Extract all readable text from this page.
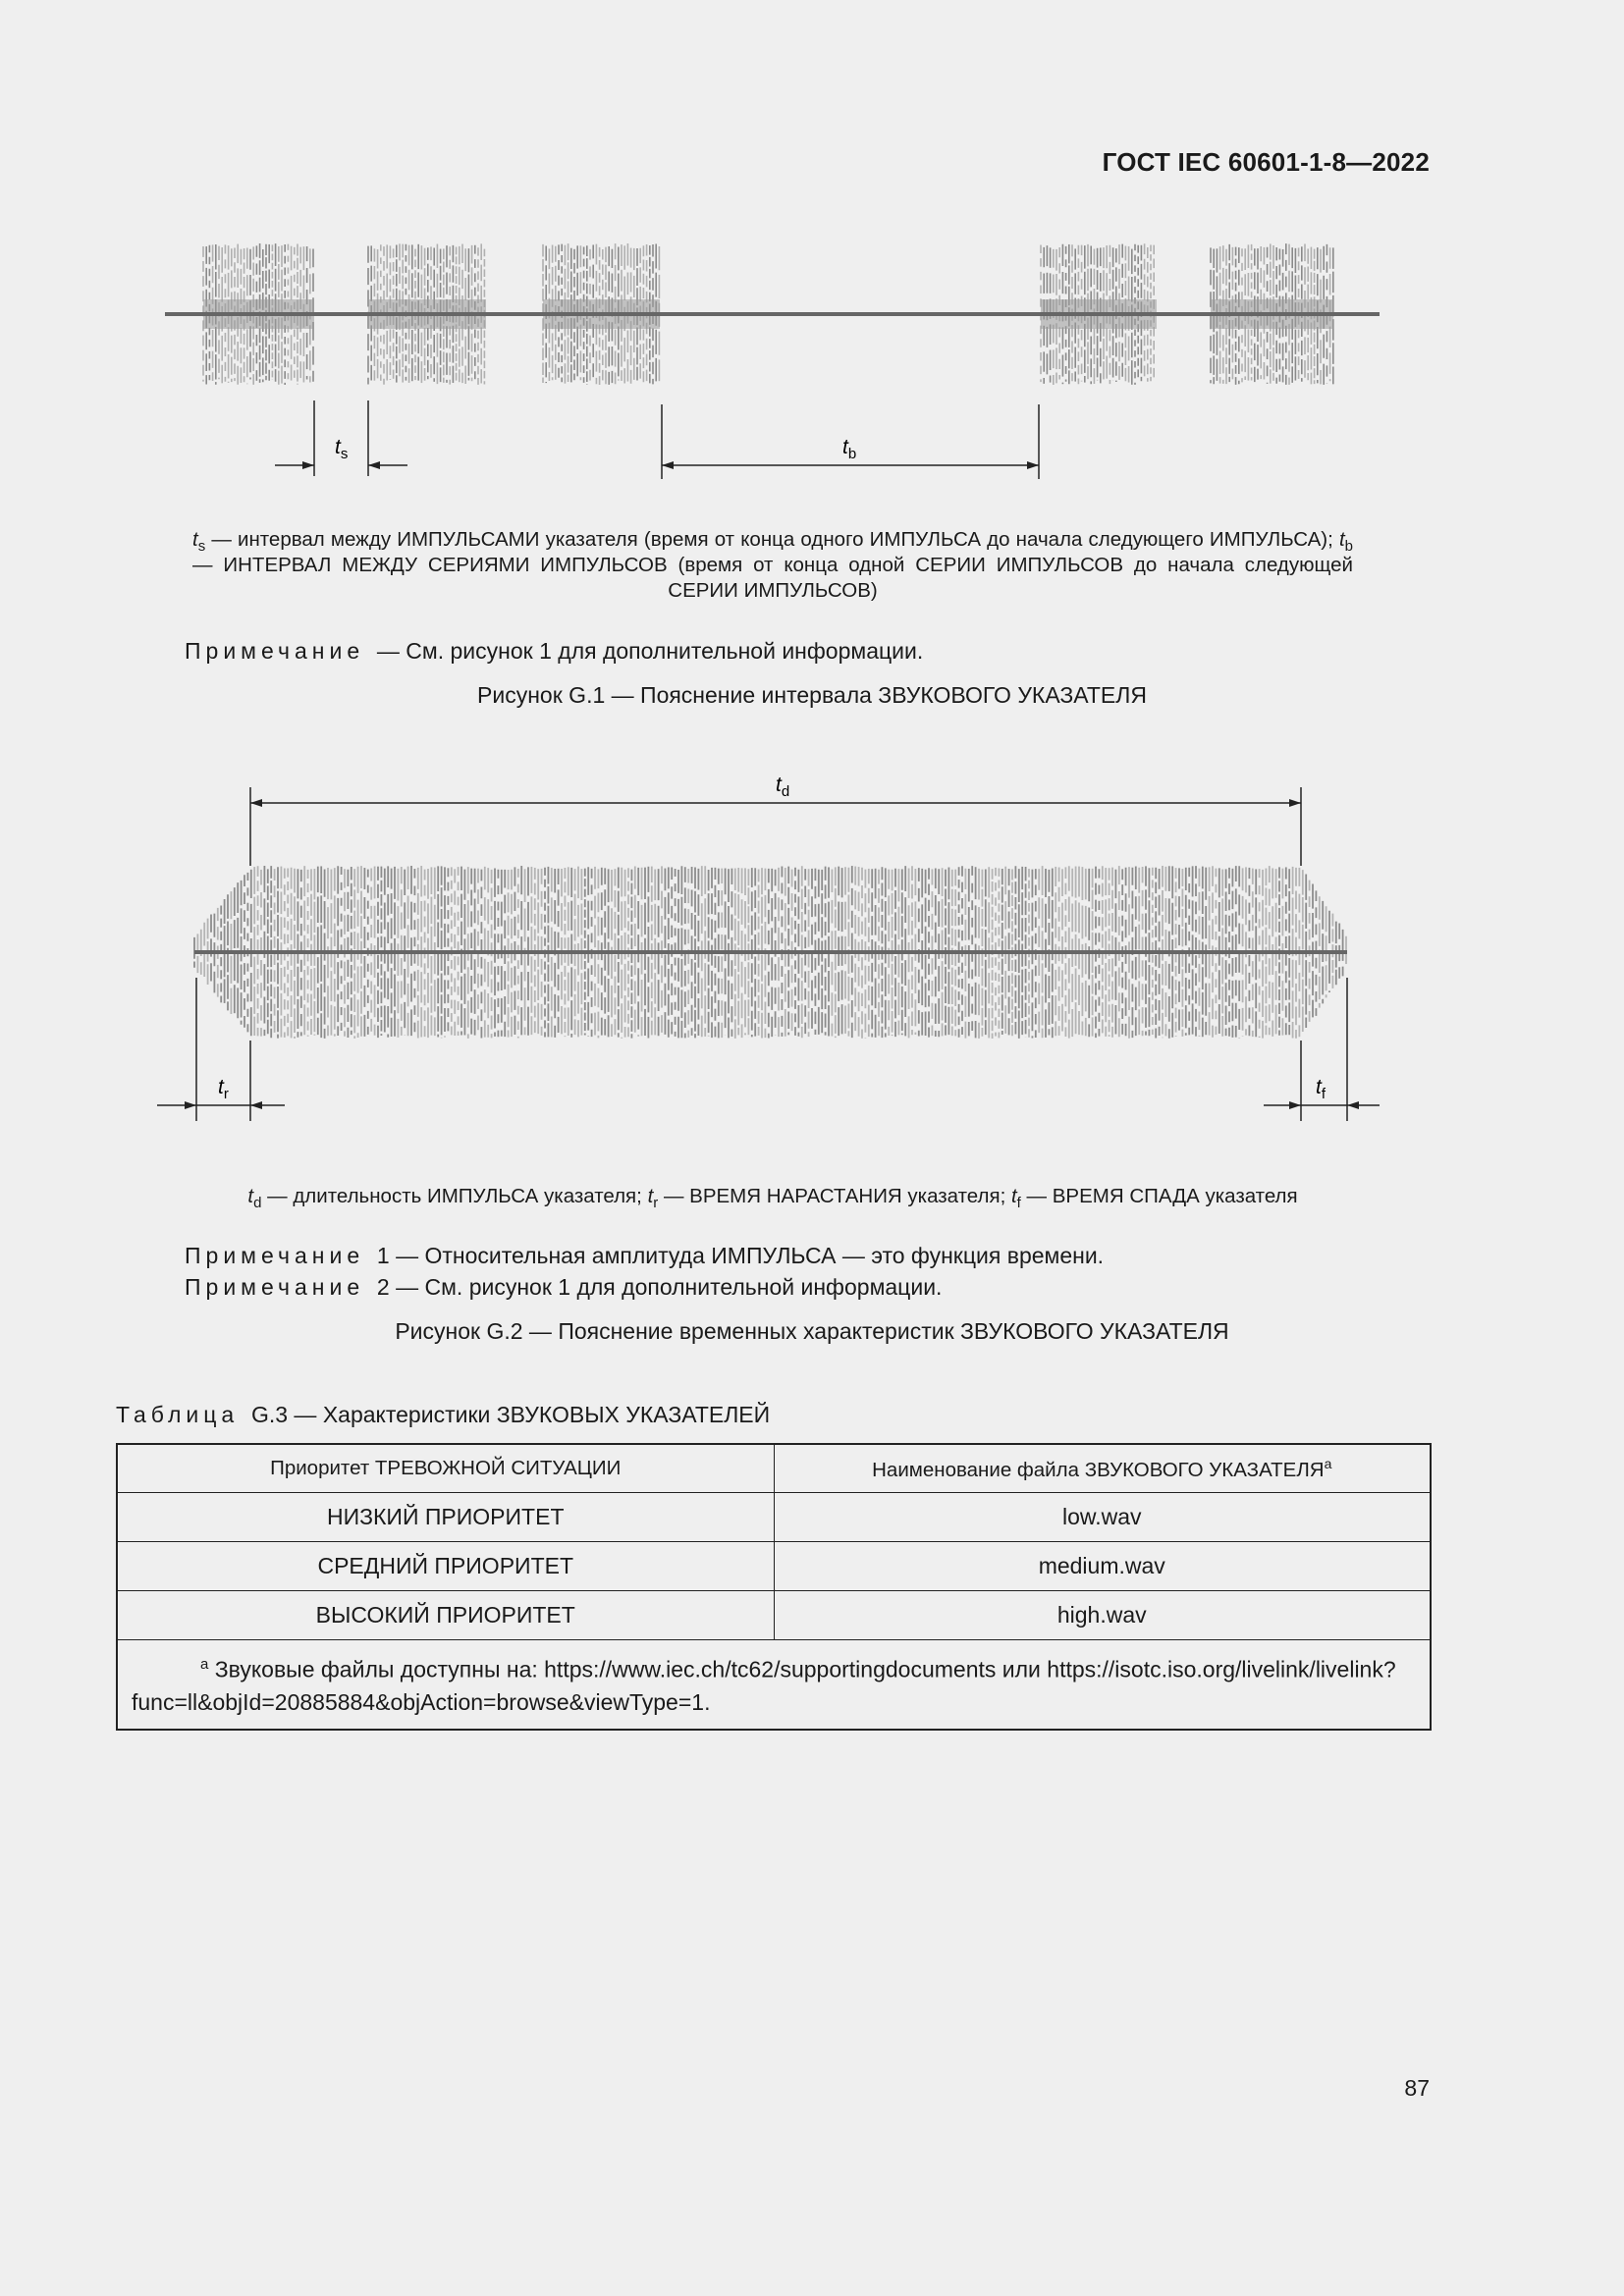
ГОСТ IEC 60601-1-8—2022
$t_s$	$t_b$
$t_s$ — интервал между ИМПУЛЬСАМИ указателя (время от конца одного ИМПУЛЬСА до начала следующего ИМПУЛЬСА); $t_b$ — ИНТЕРВАЛ МЕЖДУ СЕРИЯМИ ИМПУЛЬСОВ (время от конца одной СЕРИИ ИМПУЛЬСОВ до начала следующей СЕРИИ ИМПУЛЬСОВ)
Примечание — См. рисунок 1 для дополнительной информации.
Рисунок G.1 — Пояснение интервала ЗВУКОВОГО УКАЗАТЕЛЯ
$t_d$
$t_r$	$t_f$
$t_d$ — длительность ИМПУЛЬСА указателя; $t_r$ — ВРЕМЯ НАРАСТАНИЯ указателя; $t_f$ — ВРЕМЯ СПАДА указателя
Примечание 1 — Относительная амплитуда ИМПУЛЬСА — это функция времени.
Примечание 2 — См. рисунок 1 для дополнительной информации.
Рисунок G.2 — Пояснение временных характеристик ЗВУКОВОГО УКАЗАТЕЛЯ
Таблица G.3 — Характеристики ЗВУКОВЫХ УКАЗАТЕЛЕЙ
Приоритет ТРЕВОЖНОЙ СИТУАЦИИ	Наименование файла ЗВУКОВОГО УКАЗАТЕЛЯ$^a$
НИЗКИЙ ПРИОРИТЕТ	low.wav
СРЕДНИЙ ПРИОРИТЕТ	medium.wav
ВЫСОКИЙ ПРИОРИТЕТ	high.wav
$^a$ Звуковые файлы доступны на: https://www.iec.ch/tc62/supportingdocuments или https://isotc.iso.org/livelink/livelink?func=ll&objId=20885884&objAction=browse&viewType=1.	
87
